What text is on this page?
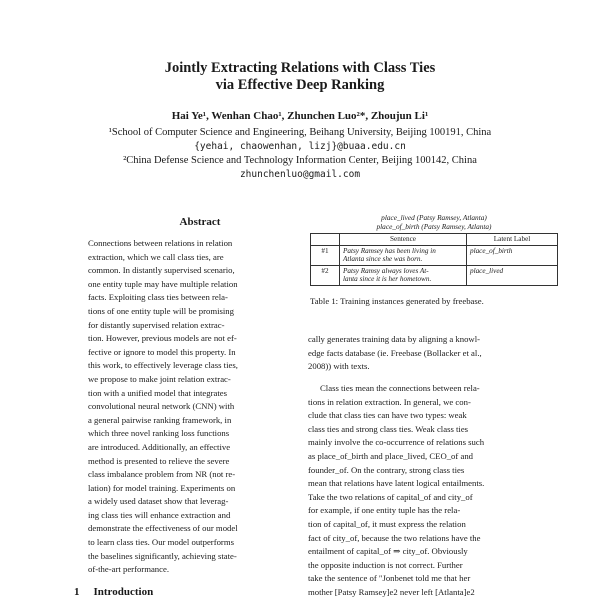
Jointly Extracting Relations with Class Ties
via Effective Deep Ranking
Hai Ye¹, Wenhan Chao¹, Zhunchen Luo²*, Zhoujun Li¹
¹School of Computer Science and Engineering, Beihang University, Beijing 100191, China
{yehai, chaowenhan, lizj}@buaa.edu.cn
²China Defense Science and Technology Information Center, Beijing 100142, China
zhunchenluo@gmail.com
Abstract
Connections between relations in relation
extraction, which we call class ties, are
common. In distantly supervised scenario,
one entity tuple may have multiple relation
facts. Exploiting class ties between rela-
tions of one entity tuple will be promising
for distantly supervised relation extrac-
tion. However, previous models are not ef-
fective or ignore to model this property. In
this work, to effectively leverage class ties,
we propose to make joint relation extrac-
tion with a unified model that integrates
convolutional neural network (CNN) with
a general pairwise ranking framework, in
which three novel ranking loss functions
are introduced. Additionally, an effective
method is presented to relieve the severe
class imbalance problem from NR (not re-
lation) for model training. Experiments on
a widely used dataset show that leverag-
ing class ties will enhance extraction and
demonstrate the effectiveness of our model
to learn class ties. Our model outperforms
the baselines significantly, achieving state-
of-the-art performance.
1 Introduction
place_lived (Patsy Ramsey, Atlanta)
place_of_birth (Patsy Ramsey, Atlanta)
	Sentence	Latent Label
#1	Patsy Ramsey has been living in
Atlanta since she was born.	place_of_birth
#2	Patsy Ramsy always loves At-
lanta since it is her hometown.	place_lived
Table 1: Training instances generated by freebase.
cally generates training data by aligning a knowl-
edge facts database (ie. Freebase (Bollacker et al.,
2008)) with texts.
Class ties mean the connections between rela-
tions in relation extraction. In general, we con-
clude that class ties can have two types: weak
class ties and strong class ties. Weak class ties
mainly involve the co-occurrence of relations such
as place_of_birth and place_lived, CEO_of and
founder_of. On the contrary, strong class ties
mean that relations have latent logical entailments.
Take the two relations of capital_of and city_of
for example, if one entity tuple has the rela-
tion of capital_of, it must express the relation
fact of city_of, because the two relations have the
entailment of capital_of ⇒ city_of. Obviously
the opposite induction is not correct. Further
take the sentence of "Jonbenet told me that her
mother [Patsy Ramsey]e2 never left [Atlanta]e2
